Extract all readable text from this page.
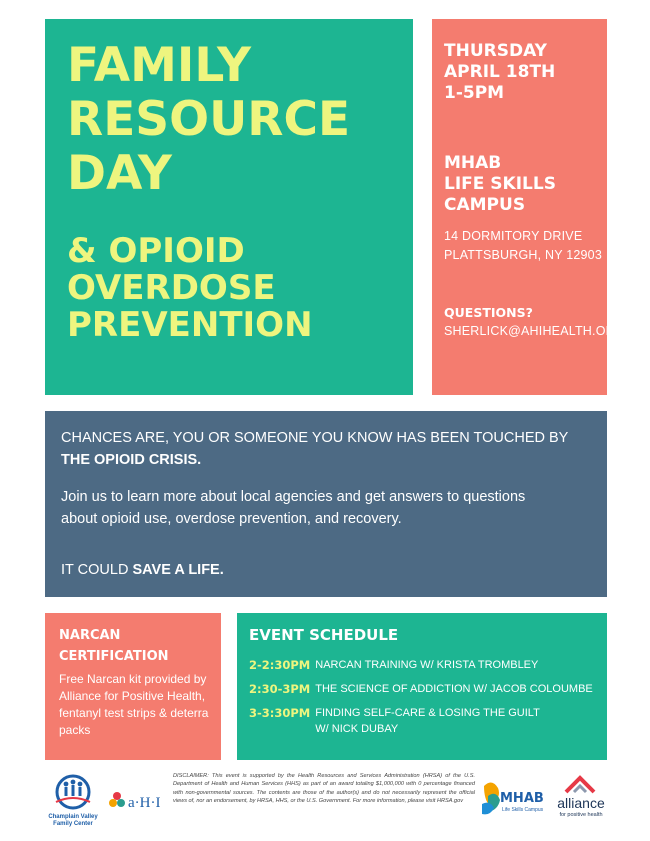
FAMILY
RESOURCE
DAY
& OPIOID
OVERDOSE
PREVENTION
THURSDAY
APRIL 18TH
1-5PM
MHAB
LIFE SKILLS
CAMPUS
14 DORMITORY DRIVE
PLATTSBURGH, NY 12903
QUESTIONS?
SHERLICK@AHIHEALTH.ORG

CHANCES ARE, YOU OR SOMEONE YOU KNOW HAS BEEN TOUCHED BY
THE OPIOID CRISIS.

Join us to learn more about local agencies and get answers to questions
about opioid use, overdose prevention, and recovery.

IT COULD SAVE A LIFE.

NARCAN
CERTIFICATION
Free Narcan kit provided by Alliance for Positive Health, fentanyl test strips & deterra packs
EVENT SCHEDULE
2-2:30PM NARCAN TRAINING W/ KRISTA TROMBLEY
2:30-3PM THE SCIENCE OF ADDICTION W/ JACOB COLOUMBE
3-3:30PM FINDING SELF-CARE & LOSING THE GUILT
W/ NICK DUBAY
Champlain Valley
Family Center
a·H·I

DISCLAIMER: This event is supported by the Health Resources and Services Administration (HRSA) of the U.S. Department of Health and Human Services (HHS) as part of an award totaling $1,000,000 with 0 percentage financed with non-governmental sources. The contents are those of the author(s) and do not necessarily represent the official views of, nor an endorsement, by HRSA, HHS, or the U.S. Government. For more information, please visit HRSA.gov	MHAB
Life Skills Campus alliance
for positive health
